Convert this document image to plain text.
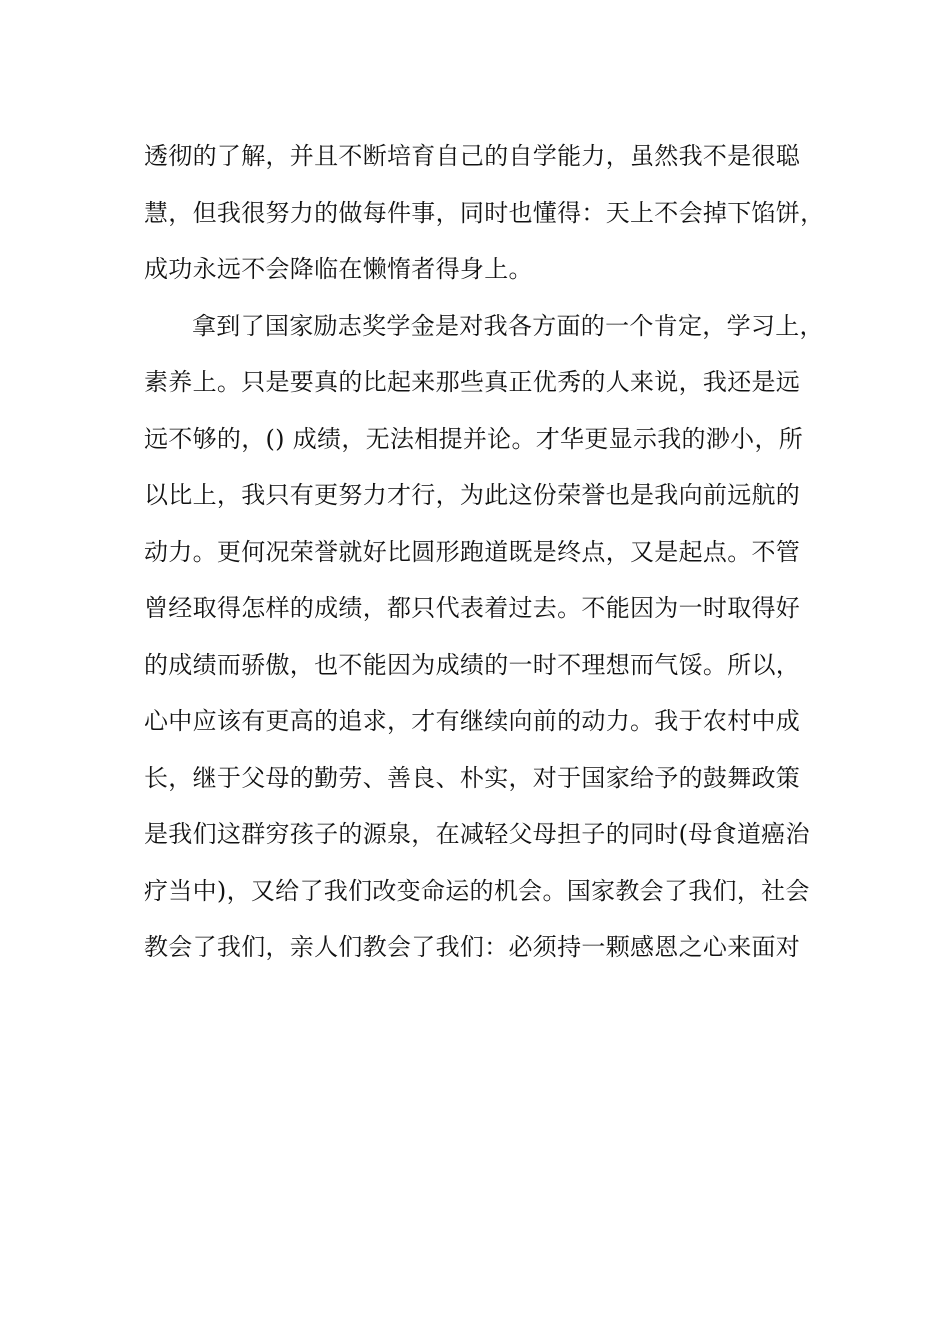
透彻的了解，并且不断培育自己的自学能力，虽然我不是很聪
慧，但我很努力的做每件事，同时也懂得：天上不会掉下馅饼，
成功永远不会降临在懒惰者得身上。
拿到了国家励志奖学金是对我各方面的一个肯定，学习上，
素养上。只是要真的比起来那些真正优秀的人来说，我还是远
远不够的，() 成绩，无法相提并论。才华更显示我的渺小，所
以比上，我只有更努力才行，为此这份荣誉也是我向前远航的
动力。更何况荣誉就好比圆形跑道既是终点，又是起点。不管
曾经取得怎样的成绩，都只代表着过去。不能因为一时取得好
的成绩而骄傲，也不能因为成绩的一时不理想而气馁。所以，
心中应该有更高的追求，才有继续向前的动力。我于农村中成
长，继于父母的勤劳、善良、朴实，对于国家给予的鼓舞政策
是我们这群穷孩子的源泉，在减轻父母担子的同时(母食道癌治
疗当中)，又给了我们改变命运的机会。国家教会了我们，社会
教会了我们，亲人们教会了我们：必须持一颗感恩之心来面对
